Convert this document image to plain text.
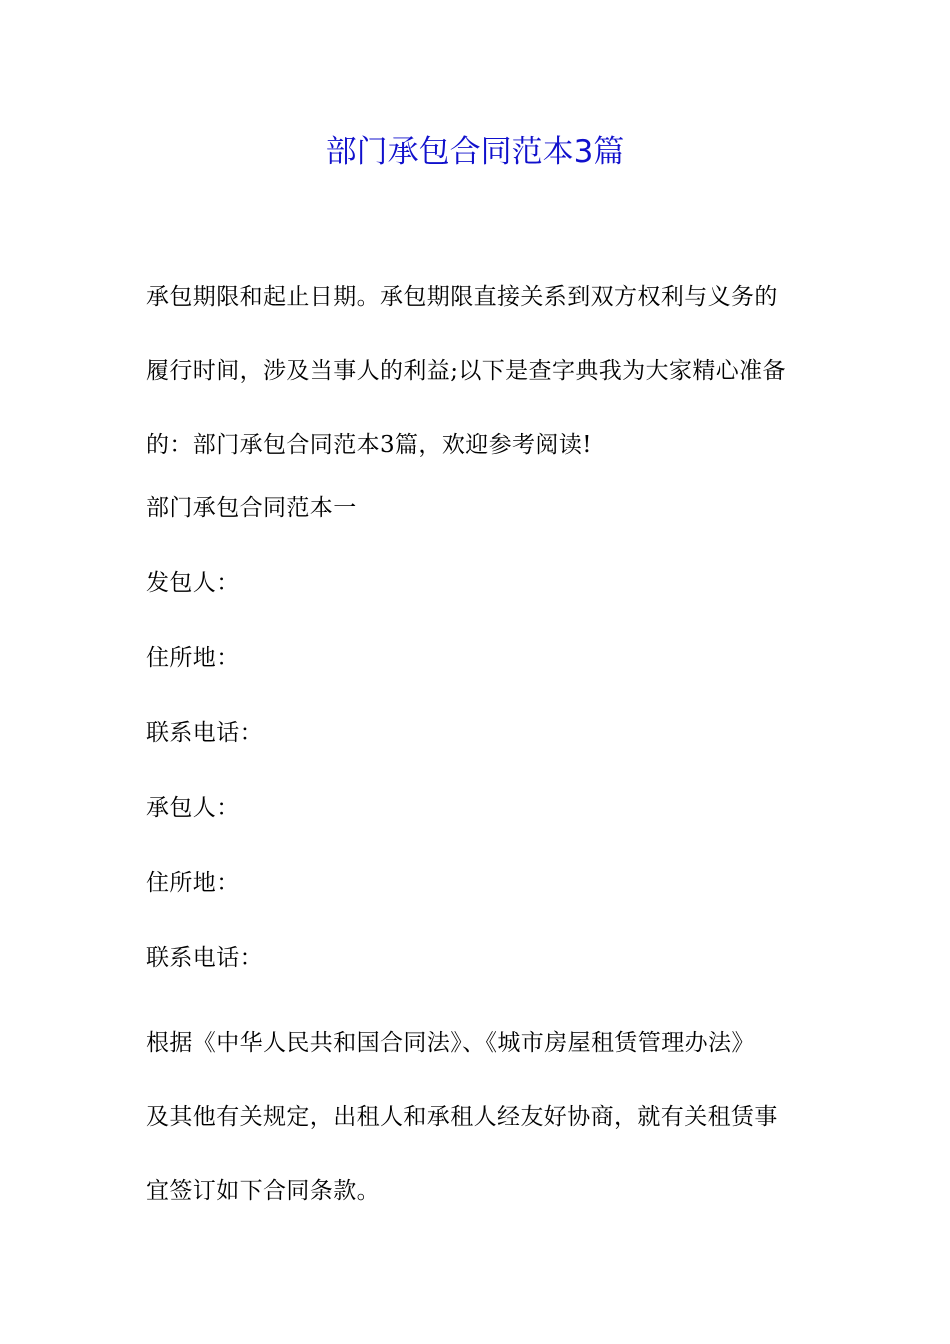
部门承包合同范本3篇
承包期限和起止日期。承包期限直接关系到双方权利与义务的
履行时间，涉及当事人的利益;以下是查字典我为大家精心准备
的：部门承包合同范本3篇，欢迎参考阅读!

部门承包合同范本一

发包人：

住所地：

联系电话：

承包人：

住所地：

联系电话：

根据《中华人民共和国合同法》、《城市房屋租赁管理办法》
及其他有关规定，出租人和承租人经友好协商，就有关租赁事
宜签订如下合同条款。
